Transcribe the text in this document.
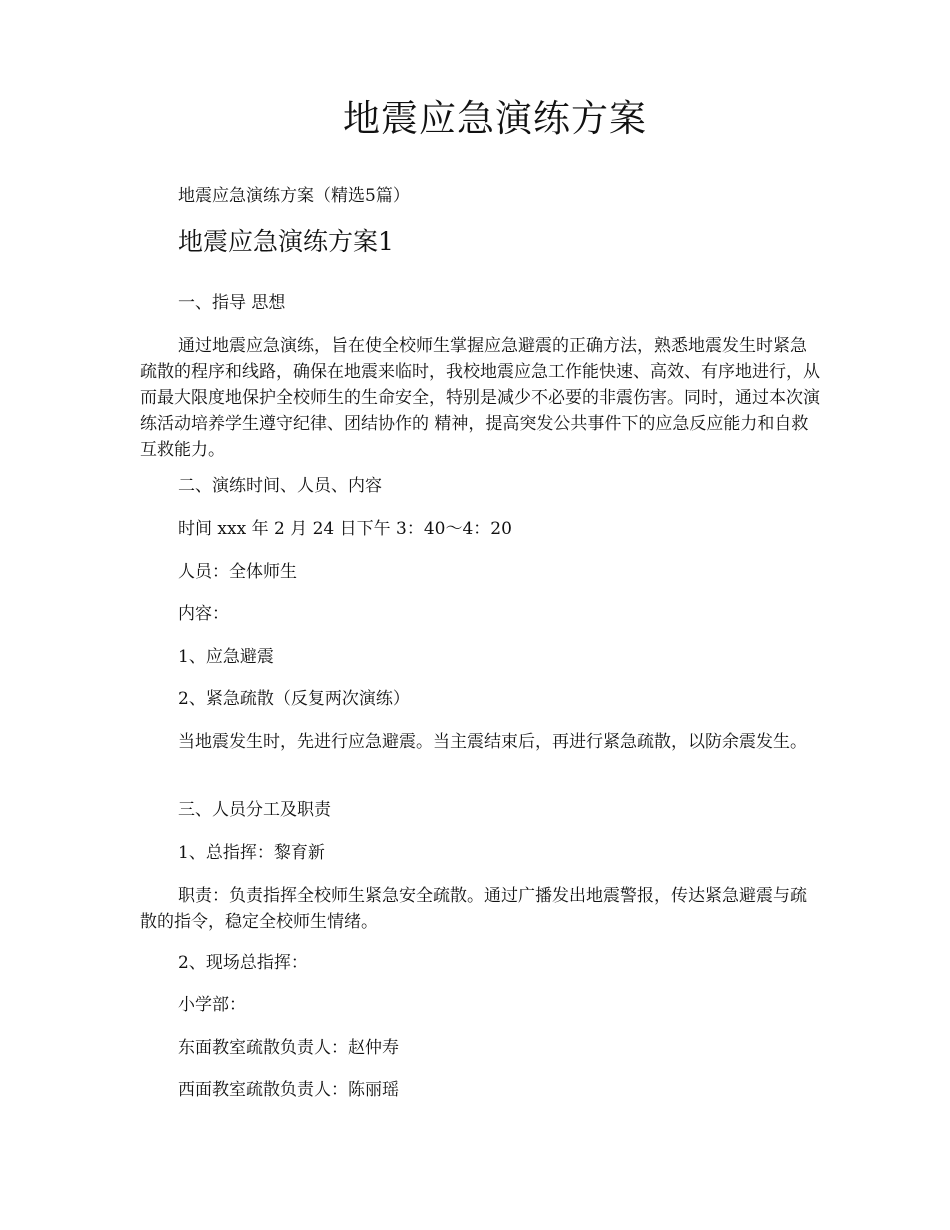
地震应急演练方案

地震应急演练方案（精选5篇）

地震应急演练方案1

一、指导 思想

通过地震应急演练，旨在使全校师生掌握应急避震的正确方法，熟悉地震发生时紧急疏散的程序和线路，确保在地震来临时，我校地震应急工作能快速、高效、有序地进行，从而最大限度地保护全校师生的生命安全，特别是减少不必要的非震伤害。同时，通过本次演练活动培养学生遵守纪律、团结协作的 精神，提高突发公共事件下的应急反应能力和自救互救能力。

二、演练时间、人员、内容

时间 xxx 年 2 月 24 日下午 3：40～4：20

人员：全体师生

内容：

1、应急避震

2、紧急疏散（反复两次演练）

当地震发生时，先进行应急避震。当主震结束后，再进行紧急疏散，以防余震发生。

三、人员分工及职责

1、总指挥：黎育新

职责：负责指挥全校师生紧急安全疏散。通过广播发出地震警报，传达紧急避震与疏散的指令，稳定全校师生情绪。

2、现场总指挥：

小学部：

东面教室疏散负责人：赵仲寿

西面教室疏散负责人：陈丽瑶
